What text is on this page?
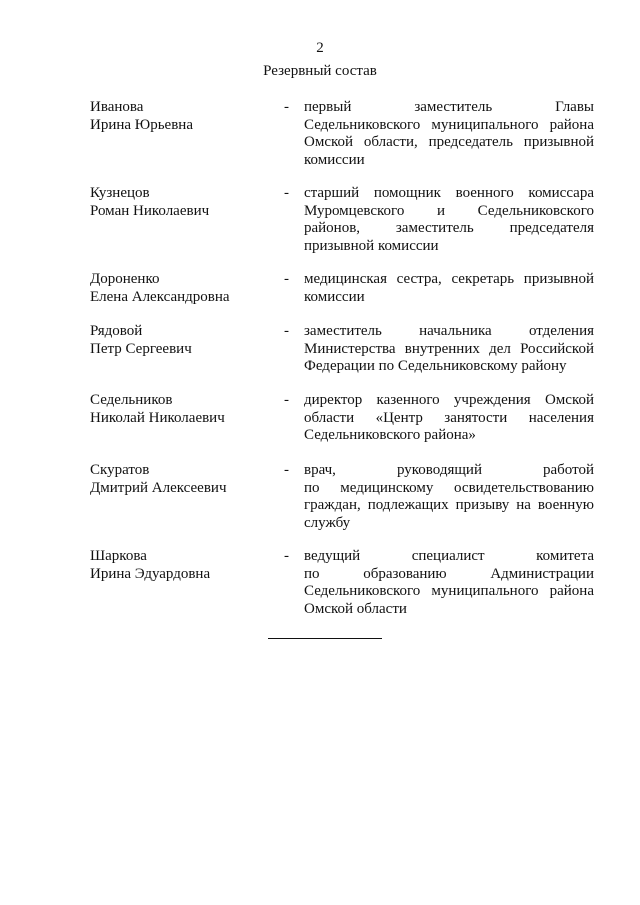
2
Резервный состав
Иванова
Ирина Юрьевна
- первый заместитель Главы
Седельниковского муниципального района
Омской области, председатель призывной
комиссии
Кузнецов
Роман Николаевич
- старший помощник военного комиссара
Муромцевского и Седельниковского
районов, заместитель председателя
призывной комиссии
Дороненко
Елена Александровна
- медицинская сестра, секретарь призывной
комиссии
Рядовой
Петр Сергеевич
- заместитель начальника отделения
Министерства внутренних дел Российской
Федерации по Седельниковскому району
Седельников
Николай Николаевич
- директор казенного учреждения Омской
области «Центр занятости населения
Седельниковского района»
Скуратов
Дмитрий Алексеевич
- врач, руководящий работой
по медицинскому освидетельствованию
граждан, подлежащих призыву на военную
службу
Шаркова
Ирина Эдуардовна
- ведущий специалист комитета
по образованию Администрации
Седельниковского муниципального района
Омской области
